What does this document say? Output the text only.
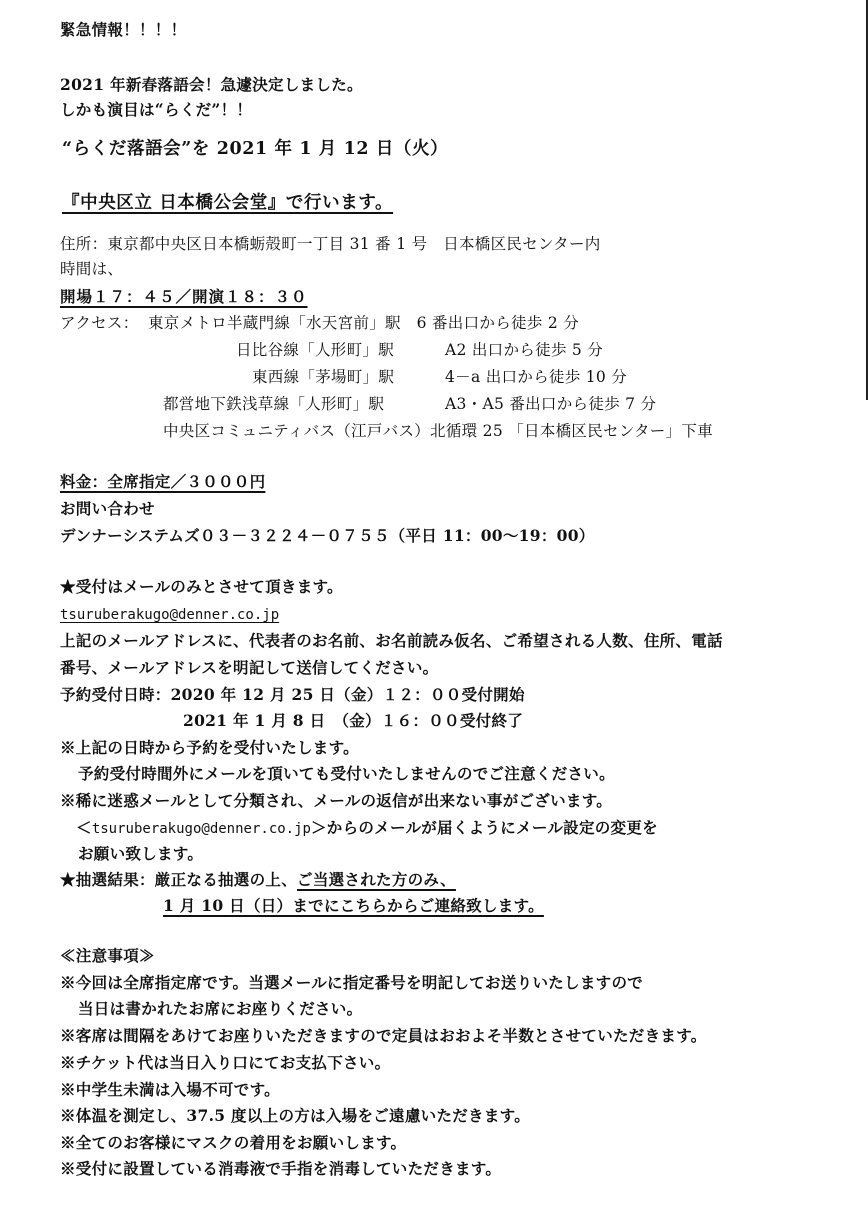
緊急情報！！！！
2021 年新春落語会！急遽決定しました。
しかも演目は“らくだ”！！
“らくだ落語会”を 2021 年 1 月 12 日（火）
『中央区立 日本橋公会堂』で行います。
住所：東京都中央区日本橋蛎殻町一丁目 31 番 1 号　日本橋区民センター内
時間は、
開場１７：４５／開演１８：３０
アクセス： 東京メトロ半蔵門線「水天宮前」駅　6 番出口から徒歩 2 分
日比谷線「人形町」駅	A2 出口から徒歩 5 分
東西線「茅場町」駅	4－a 出口から徒歩 10 分
都営地下鉄浅草線「人形町」駅	A3・A5 番出口から徒歩 7 分
中央区コミュニティバス（江戸バス）北循環 25 「日本橋区民センター」下車
料金：全席指定／３０００円
お問い合わせ
デンナーシステムズ０３－３２２４－０７５５（平日 11：00～19：00）
★受付はメールのみとさせて頂きます。
tsuruberakugo@denner.co.jp
上記のメールアドレスに、代表者のお名前、お名前読み仮名、ご希望される人数、住所、電話
番号、メールアドレスを明記して送信してください。
予約受付日時：2020 年 12 月 25 日（金）１２：００受付開始
2021 年 1 月 8 日　（金）１６：００受付終了
※上記の日時から予約を受付いたします。
予約受付時間外にメールを頂いても受付いたしませんのでご注意ください。
※稀に迷惑メールとして分類され、メールの返信が出来ない事がございます。
＜tsuruberakugo@denner.co.jp＞からのメールが届くようにメール設定の変更を
お願い致します。
★抽選結果：厳正なる抽選の上、ご当選された方のみ、
1 月 10 日（日）までにこちらからご連絡致します。
≪注意事項≫
※今回は全席指定席です。当選メールに指定番号を明記してお送りいたしますので
当日は書かれたお席にお座りください。
※客席は間隔をあけてお座りいただきますので定員はおおよそ半数とさせていただきます。
※チケット代は当日入り口にてお支払下さい。
※中学生未満は入場不可です。
※体温を測定し、37.5 度以上の方は入場をご遠慮いただきます。
※全てのお客様にマスクの着用をお願いします。
※受付に設置している消毒液で手指を消毒していただきます。
